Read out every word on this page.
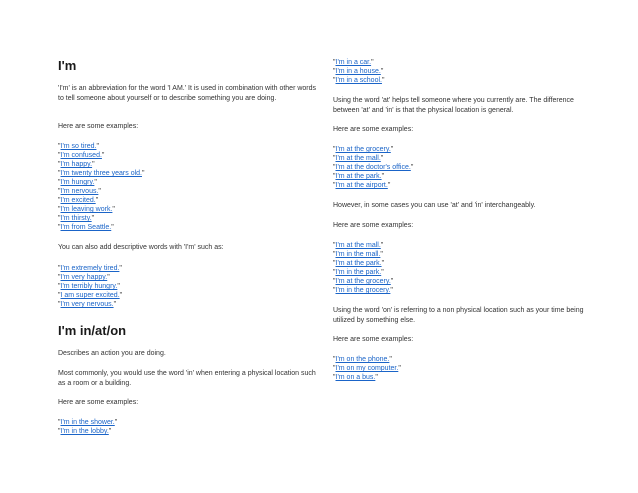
I'm

'I'm' is an abbreviation for the word 'I AM.' It is used in combination with other words to tell someone about yourself or to describe something you are doing.

Here are some examples:

"I'm so tired."
"I'm confused."
"I'm happy."
"I'm twenty three years old."
"I'm hungry."
"I'm nervous."
"I'm excited."
"I'm leaving work."
"I'm thirsty."
"I'm from Seattle."

You can also add descriptive words with 'I'm' such as:

"I'm extremely tired."
"I'm very happy."
"I'm terribly hungry."
"I am super excited."
"I'm very nervous."
I'm in/at/on

Describes an action you are doing.

Most commonly, you would use the word 'in' when entering a physical location such as a room or a building.

Here are some examples:

"I'm in the shower."
"I'm in the lobby."
"I'm in a car."
"I'm in a house."
"I'm in a school."

Using the word 'at' helps tell someone where you currently are. The difference between 'at' and 'in' is that the physical location is general.

Here are some examples:

"I'm at the grocery."
"I'm at the mall."
"I'm at the doctor's office."
"I'm at the park."
"I'm at the airport."

However, in some cases you can use 'at' and 'in' interchangeably.

Here are some examples:

"I'm at the mall."
"I'm in the mall."
"I'm at the park."
"I'm in the park."
"I'm at the grocery."
"I'm in the grocery."

Using the word 'on' is referring to a non physical location such as your time being utilized by something else.

Here are some examples:

"I'm on the phone."
"I'm on my computer."
"I'm on a bus."
